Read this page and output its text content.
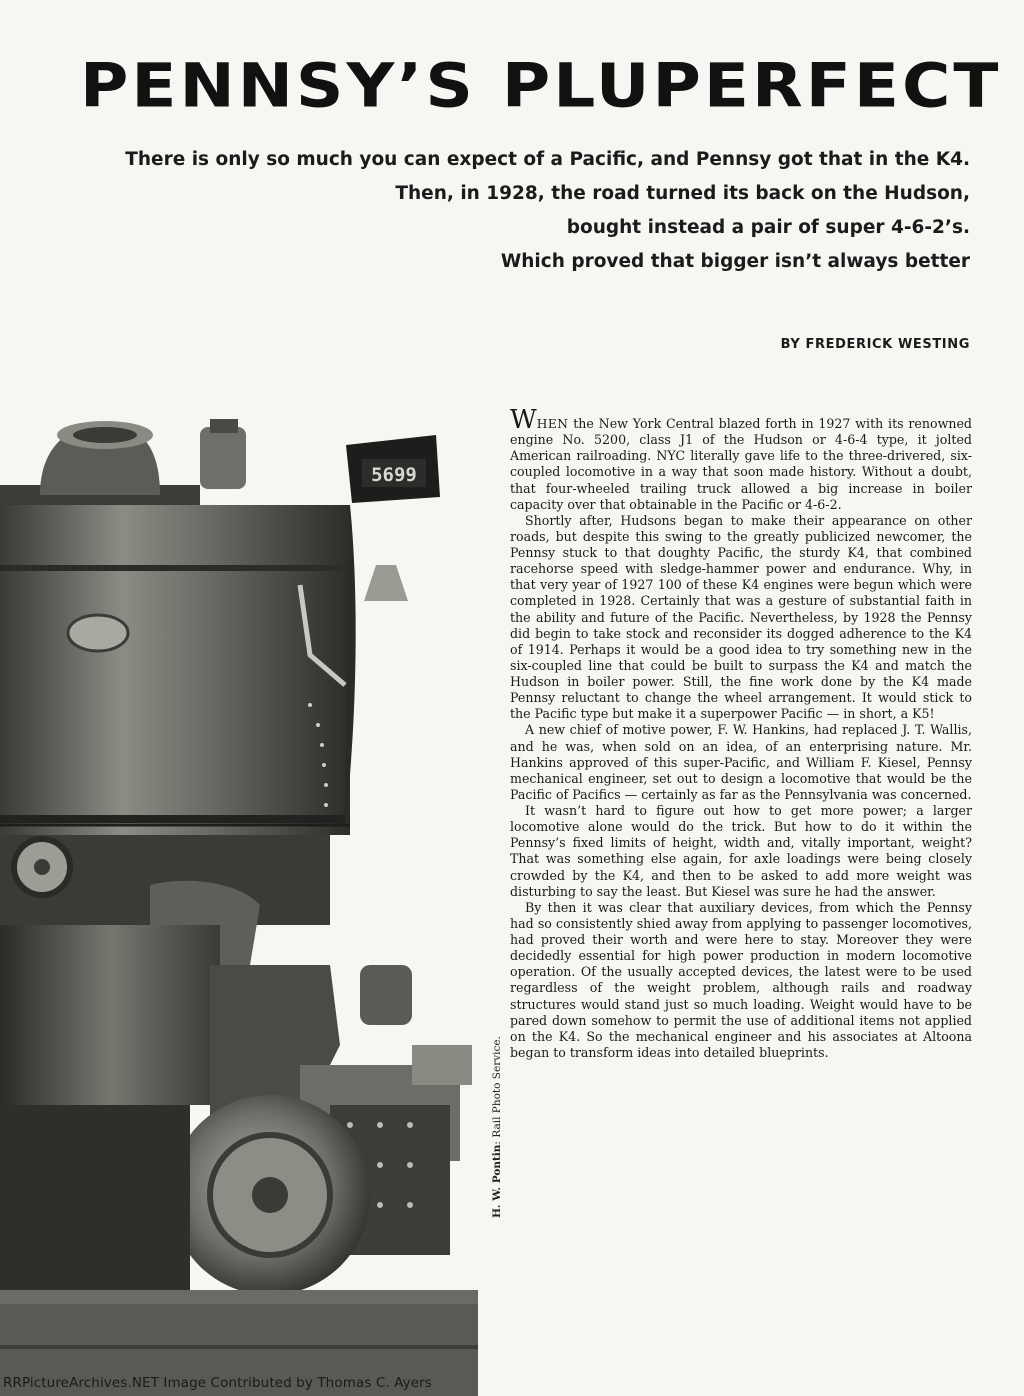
PENNSY’S PLUPERFECT
There is only so much you can expect of a Pacific, and Pennsy got that in the K4.
Then, in 1928, the road turned its back on the Hudson,
bought instead a pair of super 4-6-2’s.
Which proved that bigger isn’t always better
BY FREDERICK WESTING
5699
H. W. Pontin: Rail Photo Service.

WHEN the New York Central blazed forth in 1927 with its renowned engine No. 5200, class J1 of the Hudson or 4-6-4 type, it jolted American railroading. NYC literally gave life to the three-drivered, six-coupled locomotive in a way that soon made history. Without a doubt, that four-wheeled trailing truck allowed a big increase in boiler capacity over that obtainable in the Pacific or 4-6-2.

Shortly after, Hudsons began to make their appearance on other roads, but despite this swing to the greatly publicized newcomer, the Pennsy stuck to that doughty Pacific, the sturdy K4, that combined racehorse speed with sledge-hammer power and endurance. Why, in that very year of 1927 100 of these K4 engines were begun which were completed in 1928. Certainly that was a gesture of substantial faith in the ability and future of the Pacific. Nevertheless, by 1928 the Pennsy did begin to take stock and reconsider its dogged adherence to the K4 of 1914. Perhaps it would be a good idea to try something new in the six-coupled line that could be built to surpass the K4 and match the Hudson in boiler power. Still, the fine work done by the K4 made Pennsy reluctant to change the wheel arrangement. It would stick to the Pacific type but make it a superpower Pacific — in short, a K5!

A new chief of motive power, F. W. Hankins, had replaced J. T. Wallis, and he was, when sold on an idea, of an enterprising nature. Mr. Hankins approved of this super-Pacific, and William F. Kiesel, Pennsy mechanical engineer, set out to design a locomotive that would be the Pacific of Pacifics — certainly as far as the Pennsylvania was concerned.

It wasn’t hard to figure out how to get more power; a larger locomotive alone would do the trick. But how to do it within the Pennsy’s fixed limits of height, width and, vitally important, weight? That was something else again, for axle loadings were being closely crowded by the K4, and then to be asked to add more weight was disturbing to say the least. But Kiesel was sure he had the answer.

By then it was clear that auxiliary devices, from which the Pennsy had so consistently shied away from applying to passenger locomotives, had proved their worth and were here to stay. Moreover they were decidedly essential for high power production in modern locomotive operation. Of the usually accepted devices, the latest were to be used regardless of the weight problem, although rails and roadway structures would stand just so much loading. Weight would have to be pared down somehow to permit the use of additional items not applied on the K4. So the mechanical engineer and his associates at Altoona began to transform ideas into detailed blueprints.

RRPictureArchives.NET Image Contributed by Thomas C. Ayers
